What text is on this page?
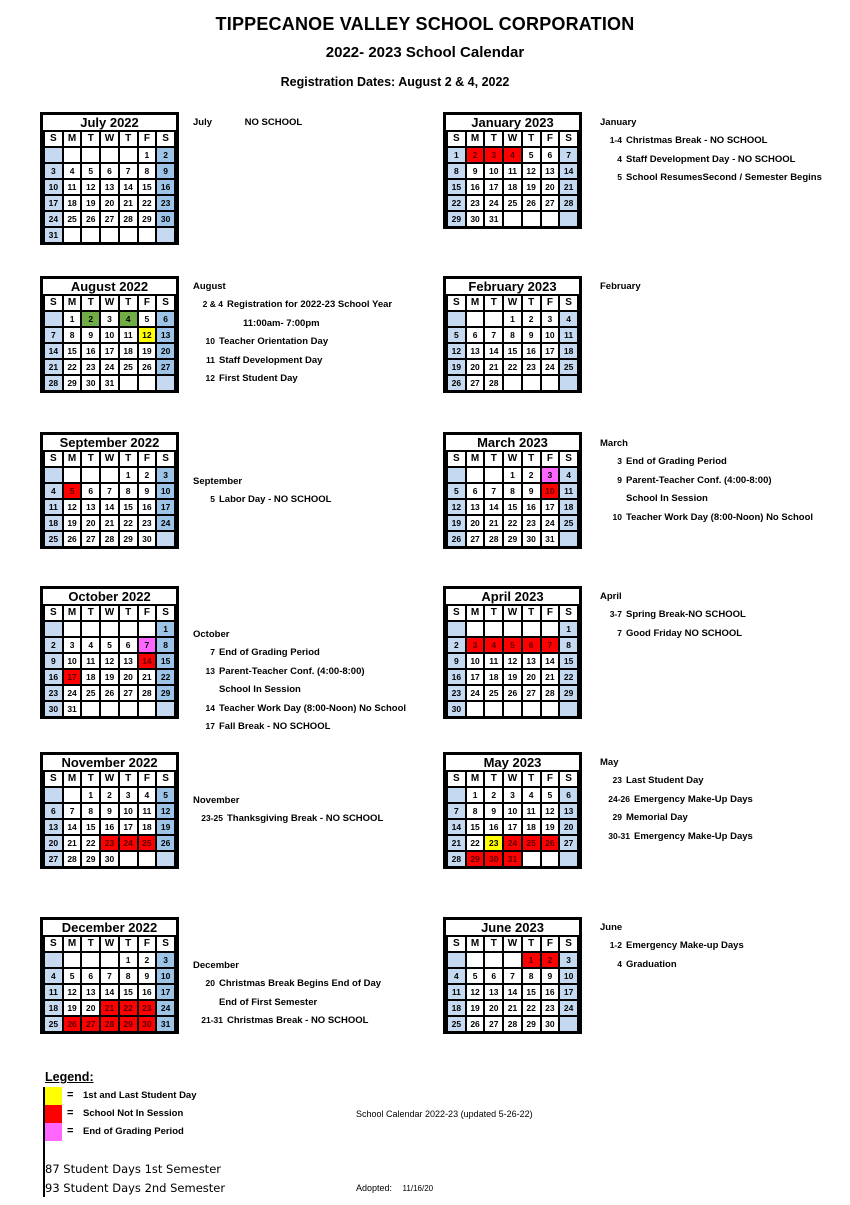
TIPPECANOE VALLEY SCHOOL CORPORATION
2022- 2023 School Calendar
Registration Dates: August 2 & 4, 2022
July 2022
S	M	T	W	T	F	S
					1	2
3	4	5	6	7	8	9
10	11	12	13	14	15	16
17	18	19	20	21	22	23
24	25	26	27	28	29	30
31						
August 2022
S	M	T	W	T	F	S
	1	2	3	4	5	6
7	8	9	10	11	12	13
14	15	16	17	18	19	20
21	22	23	24	25	26	27
28	29	30	31			
September 2022
S	M	T	W	T	F	S
				1	2	3
4	5	6	7	8	9	10
11	12	13	14	15	16	17
18	19	20	21	22	23	24
25	26	27	28	29	30	
October 2022
S	M	T	W	T	F	S
						1
2	3	4	5	6	7	8
9	10	11	12	13	14	15
16	17	18	19	20	21	22
23	24	25	26	27	28	29
30	31					
November 2022
S	M	T	W	T	F	S
		1	2	3	4	5
6	7	8	9	10	11	12
13	14	15	16	17	18	19
20	21	22	23	24	25	26
27	28	29	30			
December 2022
S	M	T	W	T	F	S
				1	2	3
4	5	6	7	8	9	10
11	12	13	14	15	16	17
18	19	20	21	22	23	24
25	26	27	28	29	30	31
January 2023
S	M	T	W	T	F	S
1	2	3	4	5	6	7
8	9	10	11	12	13	14
15	16	17	18	19	20	21
22	23	24	25	26	27	28
29	30	31				
February 2023
S	M	T	W	T	F	S
			1	2	3	4
5	6	7	8	9	10	11
12	13	14	15	16	17	18
19	20	21	22	23	24	25
26	27	28				
March 2023
S	M	T	W	T	F	S
			1	2	3	4
5	6	7	8	9	10	11
12	13	14	15	16	17	18
19	20	21	22	23	24	25
26	27	28	29	30	31	
April 2023
S	M	T	W	T	F	S
						1
2	3	4	5	6	7	8
9	10	11	12	13	14	15
16	17	18	19	20	21	22
23	24	25	26	27	28	29
30						
May 2023
S	M	T	W	T	F	S
	1	2	3	4	5	6
7	8	9	10	11	12	13
14	15	16	17	18	19	20
21	22	23	24	25	26	27
28	29	30	31			
June 2023
S	M	T	W	T	F	S
				1	2	3
4	5	6	7	8	9	10
11	12	13	14	15	16	17
18	19	20	21	22	23	24
25	26	27	28	29	30	
July	NO SCHOOL
August
2 & 4 Registration for 2022-23 School Year
11:00am- 7:00pm
10 Teacher Orientation Day
11 Staff Development Day
12 First Student Day
September
5 Labor Day - NO SCHOOL
October
7 End of Grading Period
13 Parent-Teacher Conf. (4:00-8:00)
School In Session
14 Teacher Work Day (8:00-Noon) No School
17 Fall Break - NO SCHOOL
November
23-25 Thanksgiving Break - NO SCHOOL
December
20 Christmas Break Begins End of Day
End of First Semester
21-31 Christmas Break - NO SCHOOL
January
1-4 Christmas Break - NO SCHOOL
4 Staff Development Day - NO SCHOOL
5 School ResumesSecond / Semester Begins
February
March
3 End of Grading Period
9 Parent-Teacher Conf. (4:00-8:00)
School In Session
10 Teacher Work Day (8:00-Noon) No School
April
3-7 Spring Break-NO SCHOOL
7 Good Friday NO SCHOOL
May
23 Last Student Day
24-26 Emergency Make-Up Days
29 Memorial Day
30-31 Emergency Make-Up Days
June
1-2 Emergency Make-up Days
4 Graduation
Legend:
= 1st and Last Student Day
= School Not In Session
= End of Grading Period
87 Student Days 1st Semester
93 Student Days 2nd Semester
School Calendar 2022-23 (updated 5-26-22)
Adopted: 11/16/20
